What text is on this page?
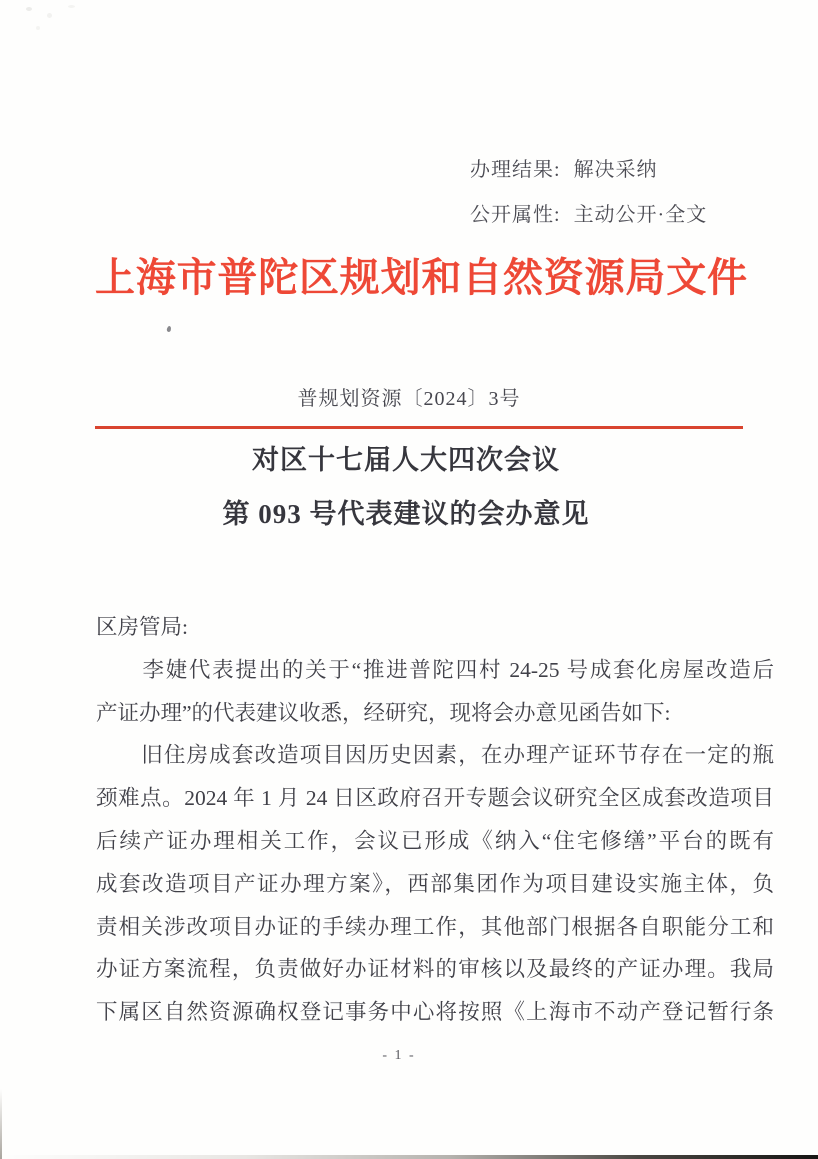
办理结果: 解决采纳
公开属性: 主动公开·全文
上海市普陀区规划和自然资源局文件
普规划资源〔2024〕3号
对区十七届人大四次会议
第 093 号代表建议的会办意见
区房管局:
　　李婕代表提出的关于“推进普陀四村 24-25 号成套化房屋改造后
产证办理”的代表建议收悉，经研究，现将会办意见函告如下:
　　旧住房成套改造项目因历史因素，在办理产证环节存在一定的瓶
颈难点。2024 年 1 月 24 日区政府召开专题会议研究全区成套改造项目
后续产证办理相关工作，会议已形成《纳入“住宅修缮”平台的既有
成套改造项目产证办理方案》，西部集团作为项目建设实施主体，负
责相关涉改项目办证的手续办理工作，其他部门根据各自职能分工和
办证方案流程，负责做好办证材料的审核以及最终的产证办理。我局
下属区自然资源确权登记事务中心将按照《上海市不动产登记暂行条
- 1 -
